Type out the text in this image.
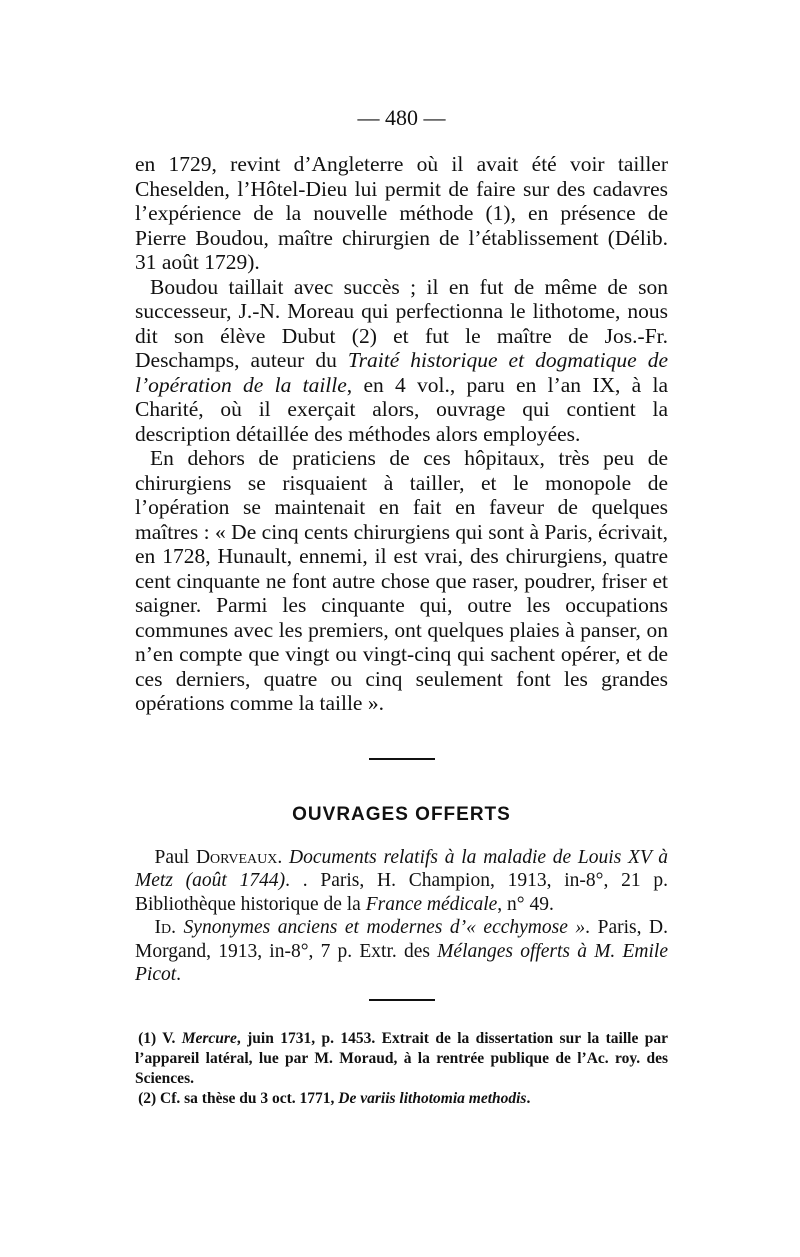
— 480 —

en 1729, revint d’Angleterre où il avait été voir tailler Cheselden, l’Hôtel-Dieu lui permit de faire sur des cadavres l’expérience de la nouvelle méthode (1), en présence de Pierre Boudou, maître chirurgien de l’établissement (Délib. 31 août 1729).

Boudou taillait avec succès ; il en fut de même de son successeur, J.-N. Moreau qui perfectionna le lithotome, nous dit son élève Dubut (2) et fut le maître de Jos.-Fr. Deschamps, auteur du Traité historique et dogmatique de l’opération de la taille, en 4 vol., paru en l’an IX, à la Charité, où il exerçait alors, ouvrage qui contient la description détaillée des méthodes alors employées.

En dehors de praticiens de ces hôpitaux, très peu de chirurgiens se risquaient à tailler, et le monopole de l’opération se maintenait en fait en faveur de quelques maîtres : « De cinq cents chirurgiens qui sont à Paris, écrivait, en 1728, Hunault, ennemi, il est vrai, des chirurgiens, quatre cent cinquante ne font autre chose que raser, poudrer, friser et saigner. Parmi les cinquante qui, outre les occupations communes avec les premiers, ont quelques plaies à panser, on n’en compte que vingt ou vingt-cinq qui sachent opérer, et de ces derniers, quatre ou cinq seulement font les grandes opérations comme la taille ».

OUVRAGES OFFERTS

Paul Dorveaux. Documents relatifs à la maladie de Louis XV à Metz (août 1744). . Paris, H. Champion, 1913, in-8°, 21 p. Bibliothèque historique de la France médicale, n° 49.

Id. Synonymes anciens et modernes d’« ecchymose ». Paris, D. Morgand, 1913, in-8°, 7 p. Extr. des Mélanges offerts à M. Emile Picot.

(1) V. Mercure, juin 1731, p. 1453. Extrait de la dissertation sur la taille par l’appareil latéral, lue par M. Moraud, à la rentrée publique de l’Ac. roy. des Sciences.

(2) Cf. sa thèse du 3 oct. 1771, De variis lithotomia methodis.
